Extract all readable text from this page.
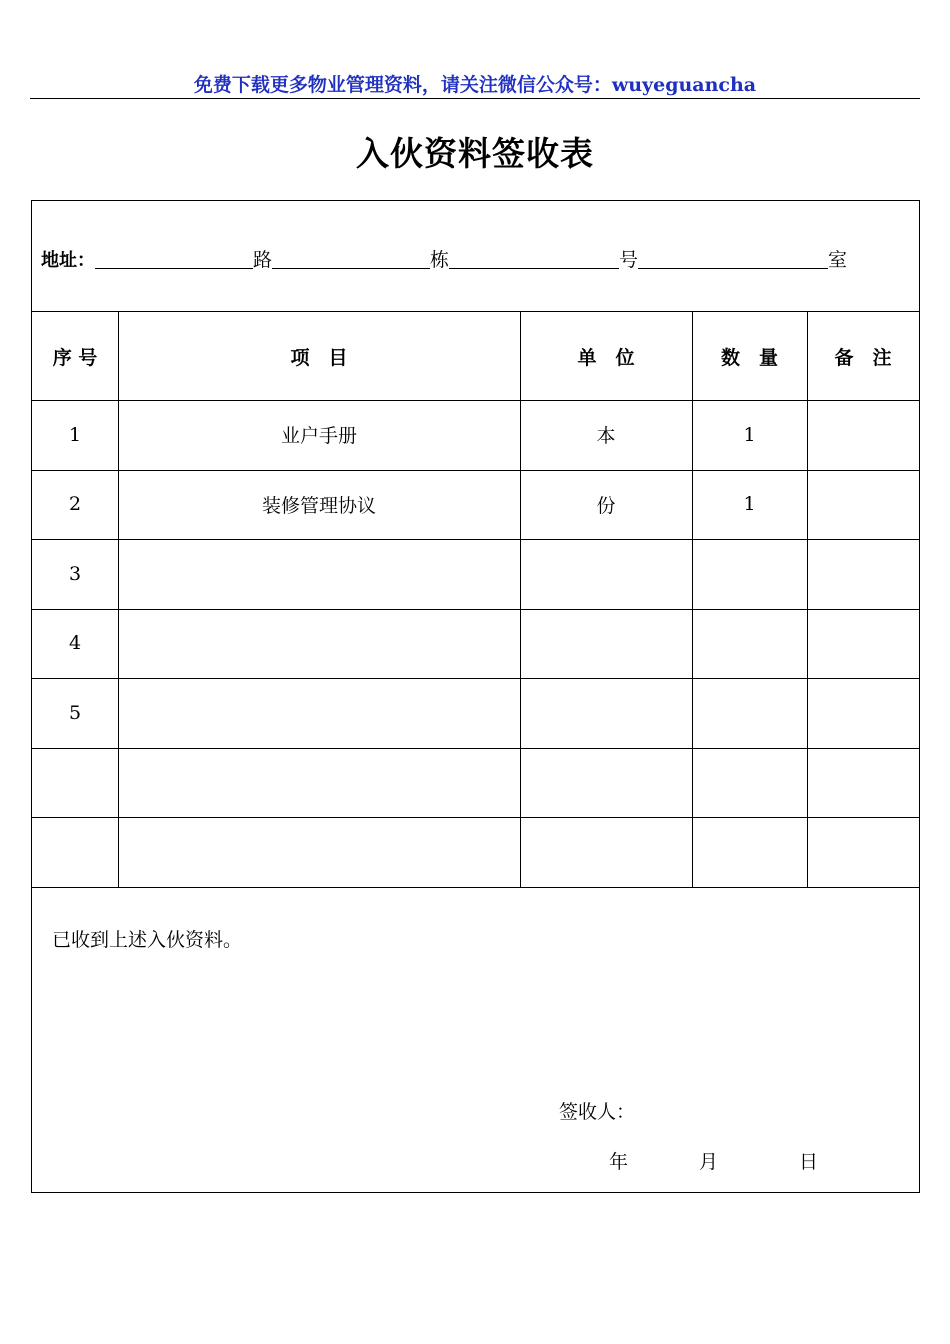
免费下载更多物业管理资料，请关注微信公众号：wuyeguancha
入伙资料签收表
地址：	路	栋	号	室
序 号	项　目	单　位	数　量	备　注
1	业户手册	本	1
2	装修管理协议	份	1
3
4
5
已收到上述入伙资料。
签收人：
年	月	日
